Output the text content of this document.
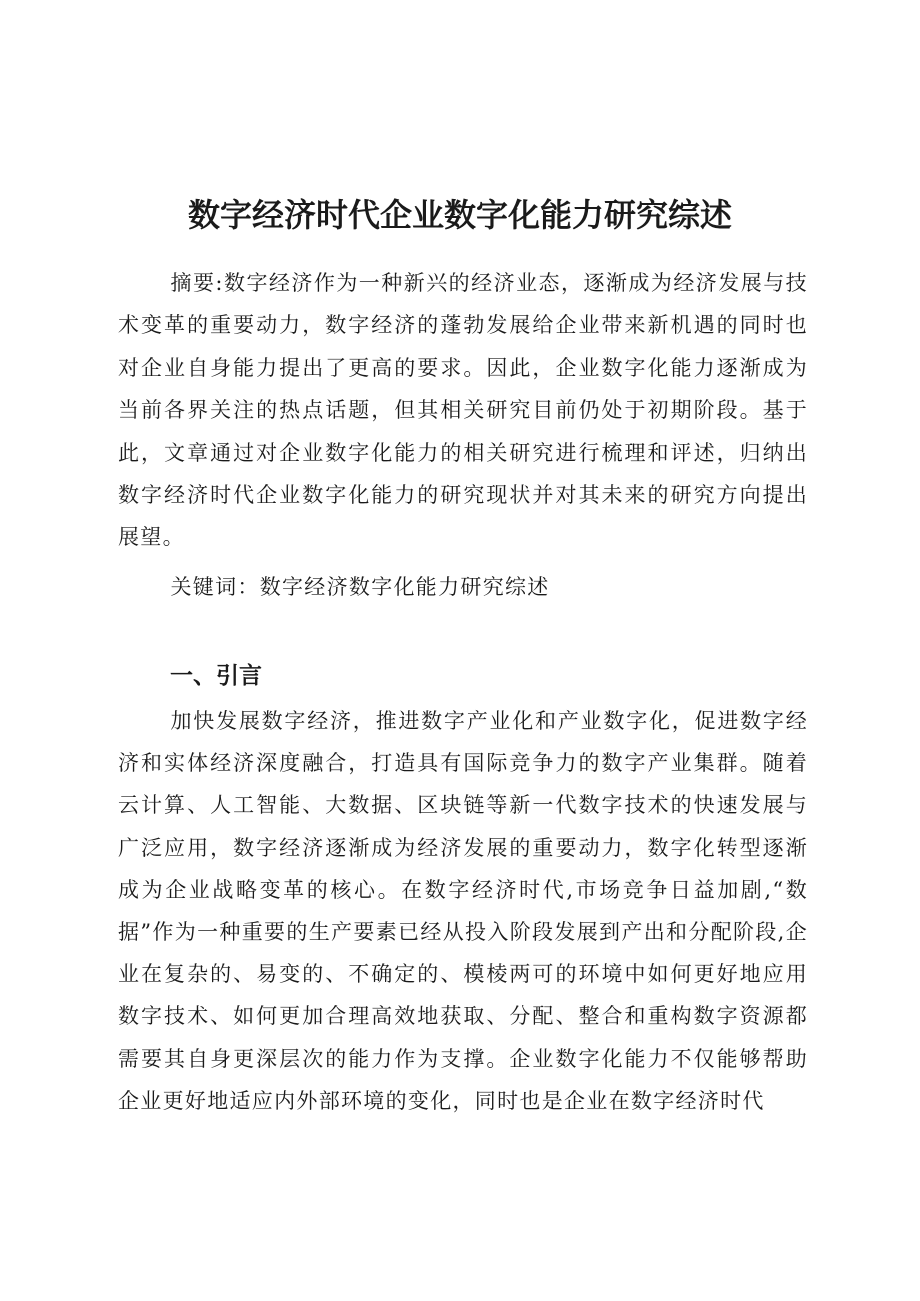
数字经济时代企业数字化能力研究综述

摘要:数字经济作为一种新兴的经济业态，逐渐成为经济发展与技术变革的重要动力，数字经济的蓬勃发展给企业带来新机遇的同时也对企业自身能力提出了更高的要求。因此，企业数字化能力逐渐成为当前各界关注的热点话题，但其相关研究目前仍处于初期阶段。基于此，文章通过对企业数字化能力的相关研究进行梳理和评述，归纳出数字经济时代企业数字化能力的研究现状并对其未来的研究方向提出展望。

关键词：数字经济数字化能力研究综述

一、引言

加快发展数字经济，推进数字产业化和产业数字化，促进数字经济和实体经济深度融合，打造具有国际竞争力的数字产业集群。随着云计算、人工智能、大数据、区块链等新一代数字技术的快速发展与广泛应用，数字经济逐渐成为经济发展的重要动力，数字化转型逐渐成为企业战略变革的核心。在数字经济时代,市场竞争日益加剧,“数据”作为一种重要的生产要素已经从投入阶段发展到产出和分配阶段,企业在复杂的、易变的、不确定的、模棱两可的环境中如何更好地应用数字技术、如何更加合理高效地获取、分配、整合和重构数字资源都需要其自身更深层次的能力作为支撑。企业数字化能力不仅能够帮助企业更好地适应内外部环境的变化，同时也是企业在数字经济时代
